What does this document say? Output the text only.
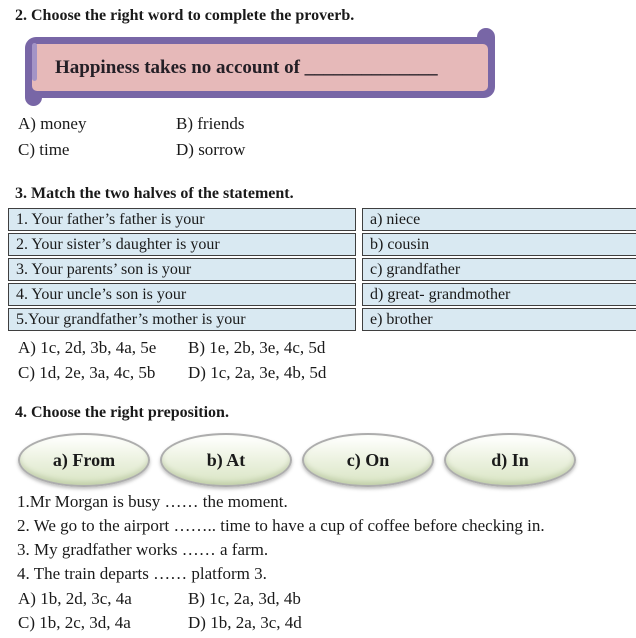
2. Choose the right word to complete the proverb.
Happiness takes no account of ______________
A) money	B) friends
C) time	D) sorrow
3. Match the two halves of the statement.
1. Your father’s father is your	a) niece
2. Your sister’s daughter is your	b) cousin
3. Your parents’ son is your	c) grandfather
4. Your uncle’s son is your	d) great- grandmother
5.Your grandfather’s mother is your	e) brother
A) 1c, 2d, 3b, 4a, 5e	B) 1e, 2b, 3e, 4c, 5d
C) 1d, 2e, 3a, 4c, 5b	D) 1c, 2a, 3e, 4b, 5d
4. Choose the right preposition.
a) From	b) At	c) On	d) In
1.Mr Morgan is busy …… the moment.
2. We go to the airport …….. time to have a cup of coffee before checking in.
3. My gradfather works …… a farm.
4. The train departs …… platform 3.
A) 1b, 2d, 3c, 4a	B) 1c, 2a, 3d, 4b
C) 1b, 2c, 3d, 4a	D) 1b, 2a, 3c, 4d
